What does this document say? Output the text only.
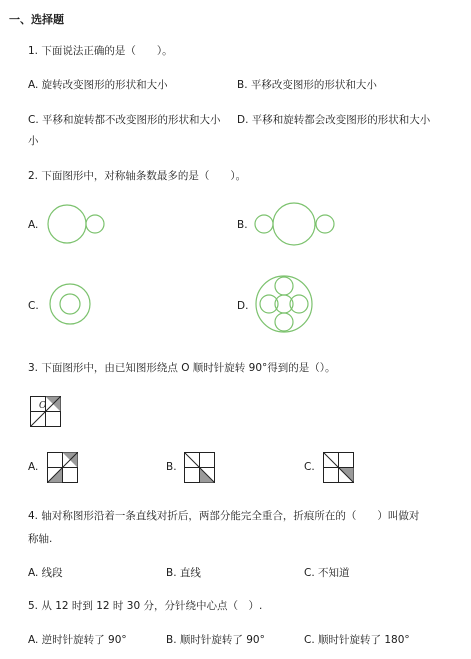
一、选择题
1. 下面说法正确的是（　　）。
A. 旋转改变图形的形状和大小	B. 平移改变图形的形状和大小
C. 平移和旋转都不改变图形的形状和大小 D. 平移和旋转都会改变图形的形状和大小
小
2. 下面图形中，对称轴条数最多的是（　　）。
A.	B.
C.	D.
3. 下面图形中，由已知图形绕点 O 顺时针旋转 90°得到的是（）。
O
A.	B.	C.
4. 轴对称图形沿着一条直线对折后，两部分能完全重合，折痕所在的（　　）叫做对
称轴.
A. 线段	B. 直线	C. 不知道
5. 从 12 时到 12 时 30 分，分针绕中心点（　）.
A. 逆时针旋转了 90°	B. 顺时针旋转了 90°	C. 顺时针旋转了 180°
